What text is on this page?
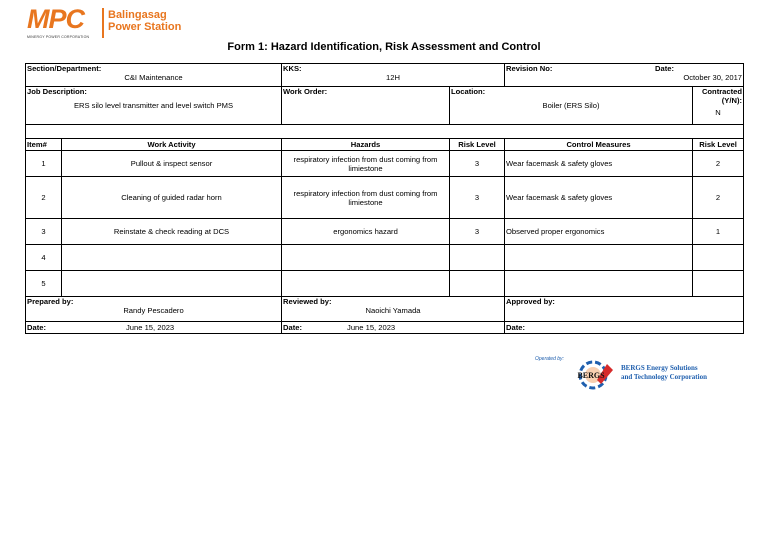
MPC Balingasag
Power Station
MINERGY POWER CORPORATION
Form 1: Hazard Identification, Risk Assessment and Control
Section/Department:
C&I Maintenance		KKS:
12H		Revision No: Date:
October 30, 2017	

Job Description:
ERS silo level transmitter and level switch PMS		Work Order:	Location:
Boiler (ERS Silo)		Contracted (Y/N):
N

Item#	Work Activity	Hazards	Risk Level	Control Measures	Risk Level
1	Pullout & inspect sensor	respiratory infection from dust coming from limiestone	3	Wear facemask & safety gloves	2
2	Cleaning of guided radar horn	respiratory infection from dust coming from limiestone	3	Wear facemask & safety gloves	2
3	Reinstate & check reading at DCS	ergonomics hazard	3	Observed proper ergonomics	1
4					
5					

Prepared by:
Randy Pescadero		Reviewed by:
Naoichi Yamada		Approved by:	

Date: June 15, 2023		Date: June 15, 2023		Date:	
Operated by:
BERGS
BERGS Energy Solutions
and Technology Corporation
